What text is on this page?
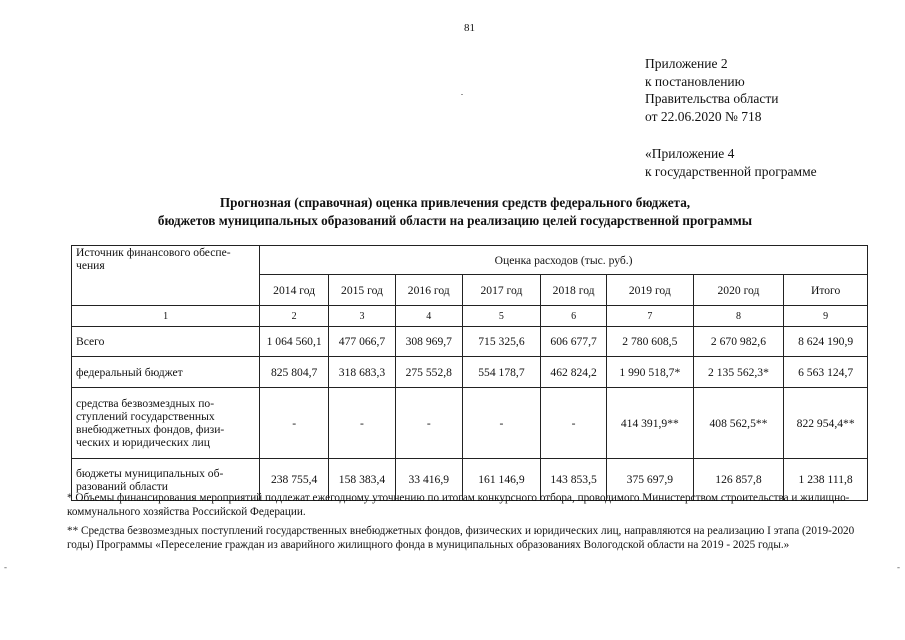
81
Приложение 2
к постановлению
Правительства области
от 22.06.2020 № 718
«Приложение 4
к государственной программе
Прогнозная (справочная) оценка привлечения средств федерального бюджета,
бюджетов муниципальных образований области на реализацию целей государственной программы
Источник финансового обеспе-чения	Оценка расходов (тыс. руб.)							
	2014 год	2015 год	2016 год	2017 год	2018 год	2019 год	2020 год	Итого
1	2	3	4	5	6	7	8	9
Всего	1 064 560,1	477 066,7	308 969,7	715 325,6	606 677,7	2 780 608,5	2 670 982,6	8 624 190,9
федеральный бюджет	825 804,7	318 683,3	275 552,8	554 178,7	462 824,2	1 990 518,7*	2 135 562,3*	6 563 124,7
средства безвозмездных по-ступлений государственных внебюджетных фондов, физи-ческих и юридических лиц	-	-	-	-	-	414 391,9**	408 562,5**	822 954,4**
бюджеты муниципальных об-разований области	238 755,4	158 383,4	33 416,9	161 146,9	143 853,5	375 697,9	126 857,8	1 238 111,8
* Объемы финансирования мероприятий подлежат ежегодному уточнению по итогам конкурсного отбора, проводимого Министерством строительства и жилищно-коммунального хозяйства Российской Федерации.
** Средства безвозмездных поступлений государственных внебюджетных фондов, физических и юридических лиц, направляются на реализацию I этапа (2019-2020 годы) Программы «Переселение граждан из аварийного жилищного фонда в муниципальных образованиях Вологодской области на 2019 - 2025 годы.»
-	-
